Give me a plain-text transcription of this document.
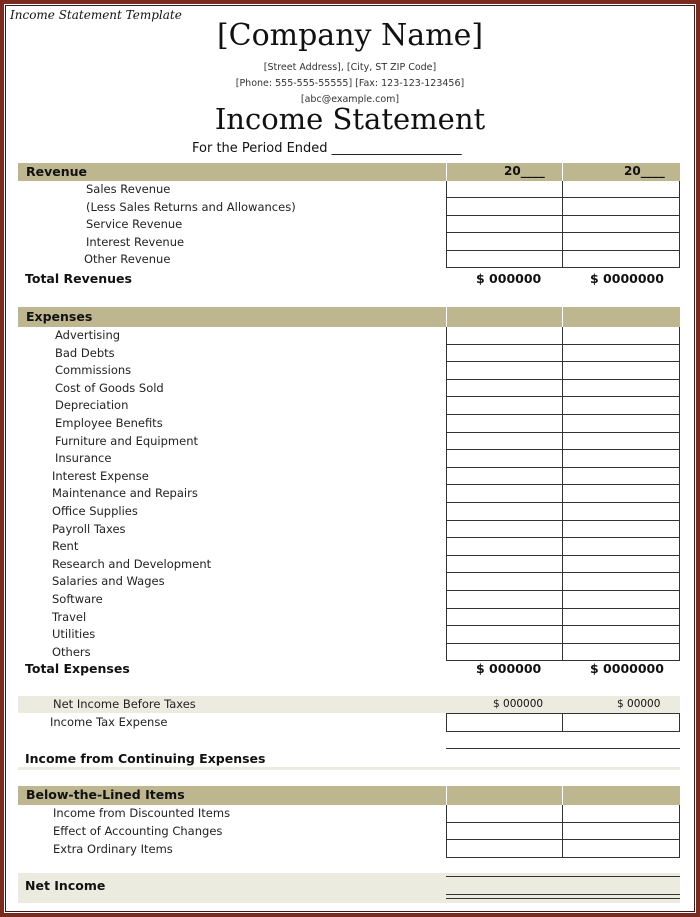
Income Statement Template
[Company Name]
[Street Address], [City, ST ZIP Code]
[Phone: 555-555-55555] [Fax: 123-123-123456]
[abc@example.com]
Income Statement
For the Period Ended ____________________
Revenue	20____	20____
Sales Revenue
(Less Sales Returns and Allowances)
Service Revenue
Interest Revenue
Other Revenue
Total Revenues	$ 000000	$ 0000000
Expenses
Advertising
Bad Debts
Commissions
Cost of Goods Sold
Depreciation
Employee Benefits
Furniture and Equipment
Insurance
Interest Expense
Maintenance and Repairs
Office Supplies
Payroll Taxes
Rent
Research and Development
Salaries and Wages
Software
Travel
Utilities
Others
Total Expenses	$ 000000	$ 0000000
Net Income Before Taxes	$ 000000	$ 00000
Income Tax Expense
Income from Continuing Expenses
Below-the-Lined Items
Income from Discounted Items
Effect of Accounting Changes
Extra Ordinary Items
Net Income
